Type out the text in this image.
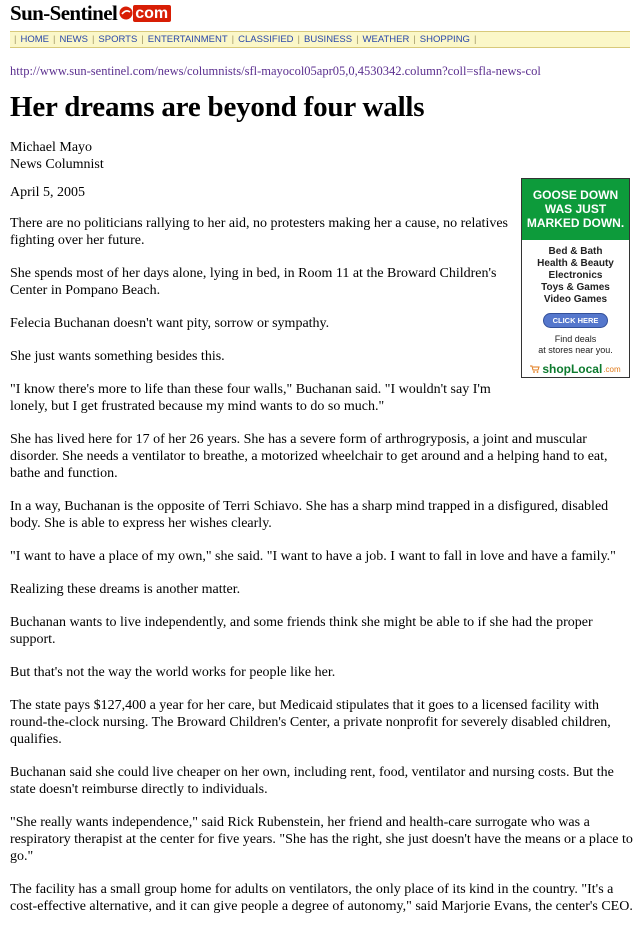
Sun-Sentinel com
| HOME | NEWS | SPORTS | ENTERTAINMENT | CLASSIFIED | BUSINESS | WEATHER | SHOPPING |
http://www.sun-sentinel.com/news/columnists/sfl-mayocol05apr05,0,4530342.column?coll=sfla-news-col
Her dreams are beyond four walls
Michael Mayo
News Columnist
April 5, 2005	GOOSE DOWN
WAS JUST
MARKED DOWN.
Bed & Bath
Health & Beauty
Electronics
Toys & Games
Video Games
CLICK HERE
Find deals
at stores near you.
shopLocal .com

There are no politicians rallying to her aid, no protesters making her a cause, no relatives fighting over her future.

She spends most of her days alone, lying in bed, in Room 11 at the Broward Children's Center in Pompano Beach.

Felecia Buchanan doesn't want pity, sorrow or sympathy.

She just wants something besides this.

"I know there's more to life than these four walls," Buchanan said. "I wouldn't say I'm lonely, but I get frustrated because my mind wants to do so much."

She has lived here for 17 of her 26 years. She has a severe form of arthrogryposis, a joint and muscular disorder. She needs a ventilator to breathe, a motorized wheelchair to get around and a helping hand to eat, bathe and function.

In a way, Buchanan is the opposite of Terri Schiavo. She has a sharp mind trapped in a disfigured, disabled body. She is able to express her wishes clearly.

"I want to have a place of my own," she said. "I want to have a job. I want to fall in love and have a family."

Realizing these dreams is another matter.

Buchanan wants to live independently, and some friends think she might be able to if she had the proper support.

But that's not the way the world works for people like her.

The state pays $127,400 a year for her care, but Medicaid stipulates that it goes to a licensed facility with round-the-clock nursing. The Broward Children's Center, a private nonprofit for severely disabled children, qualifies.

Buchanan said she could live cheaper on her own, including rent, food, ventilator and nursing costs. But the state doesn't reimburse directly to individuals.

"She really wants independence," said Rick Rubenstein, her friend and health-care surrogate who was a respiratory therapist at the center for five years. "She has the right, she just doesn't have the means or a place to go."

The facility has a small group home for adults on ventilators, the only place of its kind in the country. "It's a cost-effective alternative, and it can give people a degree of autonomy," said Marjorie Evans, the center's CEO.
